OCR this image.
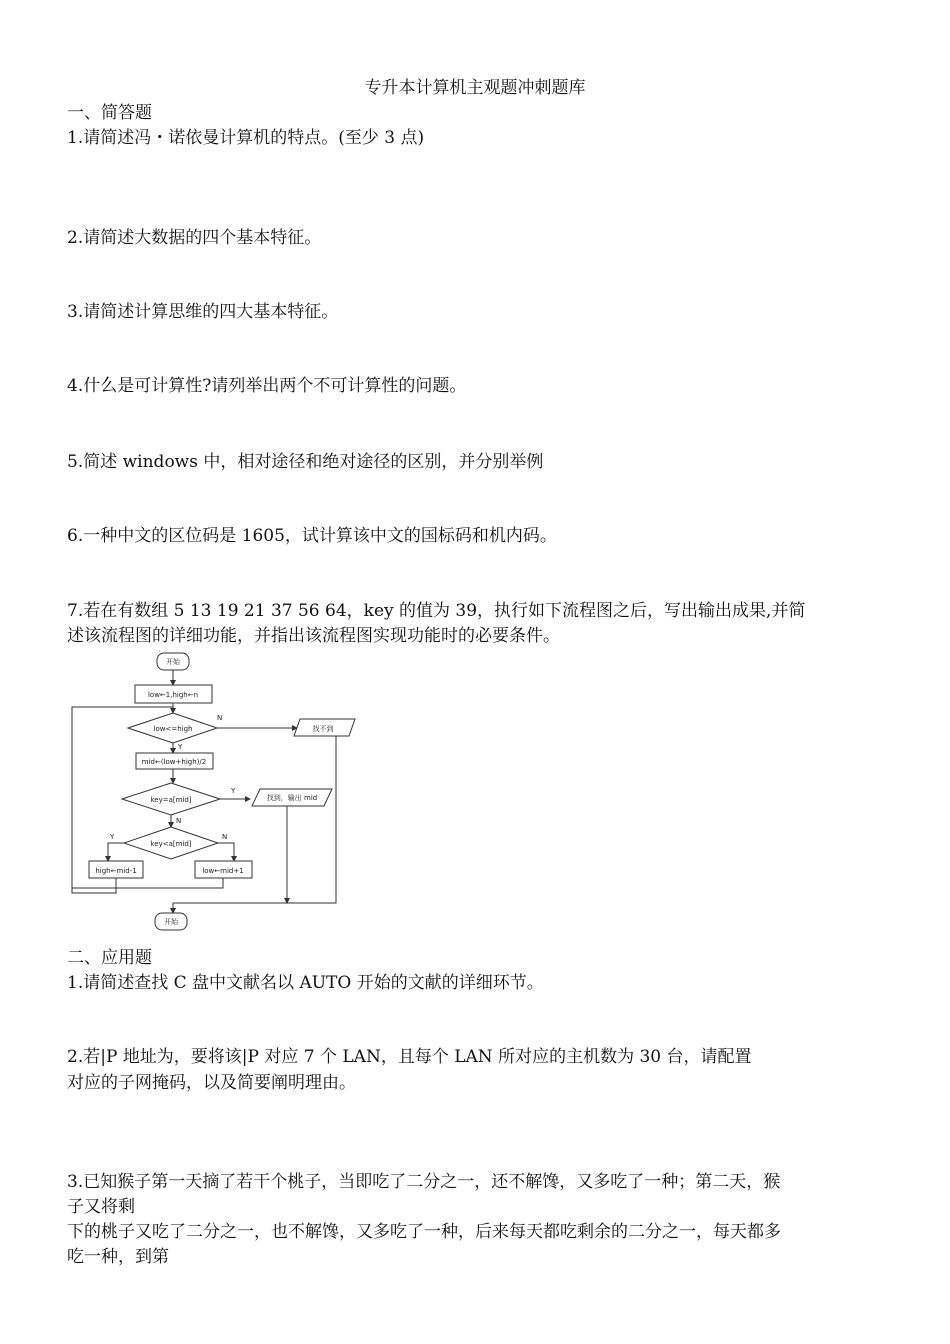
专升本计算机主观题冲刺题库
一、简答题
1.请简述冯・诺依曼计算机的特点。(至少 3 点)
2.请简述大数据的四个基本特征。
3.请简述计算思维的四大基本特征。
4.什么是可计算性?请列举出两个不可计算性的问题。
5.简述 windows 中，相对途径和绝对途径的区别，并分别举例
6.一种中文的区位码是 1605，试计算该中文的国标码和机内码。
7.若在有数组 5 13 19 21 37 56 64，key 的值为 39，执行如下流程图之后，写出输出成果,并简
述该流程图的详细功能，并指出该流程图实现功能时的必要条件。
开始
low←1,high←n
low<=high
N
找不到
Y
mid←(low+high)/2
key=a[mid]
Y
找到，输出 mid
N
key<a[mid]
Y	N
high←mid-1	low←mid+1
开始
二、应用题
1.请简述查找 C 盘中文献名以 AUTO 开始的文献的详细环节。
2.若|P 地址为，要将该|P 对应 7 个 LAN，且每个 LAN 所对应的主机数为 30 台，请配置
对应的子网掩码，以及简要阐明理由。
3.已知猴子第一天摘了若干个桃子，当即吃了二分之一，还不解馋，又多吃了一种；第二天，猴
子又将剩
下的桃子又吃了二分之一，也不解馋，又多吃了一种，后来每天都吃剩余的二分之一，每天都多
吃一种，到第
